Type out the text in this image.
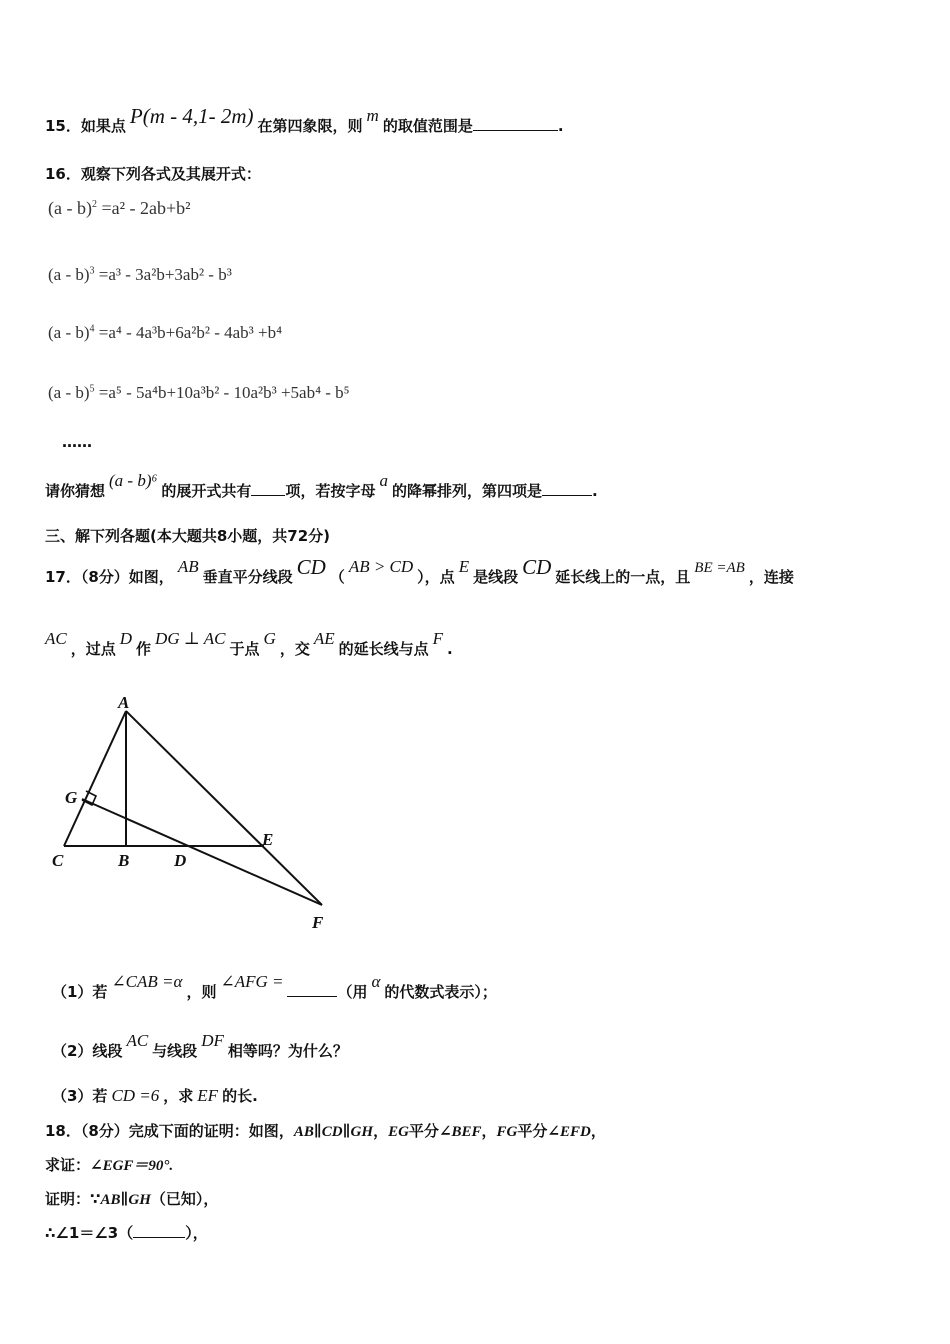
15．如果点 P(m - 4,1- 2m) 在第四象限，则m的取值范围是	.
16．观察下列各式及其展开式：
(a - b)$^2$ =a² - 2ab+b²
(a - b)$^3$ =a³ - 3a²b+3ab² - b³
(a - b)$^4$ =a⁴ - 4a³b+6a²b² - 4ab³ +b⁴
(a - b)$^5$ =a⁵ - 5a⁴b+10a³b² - 10a²b³ +5ab⁴ - b⁵
……
请你猜想(a - b)⁶的展开式共有 项，若按字母a的降幂排列，第四项是	.
三、解下列各题(本大题共8小题，共72分)
17．（8分）如图，AB垂直平分线段 CD （AB > CD），点E是线段 CD 延长线上的一点，且 BE =AB ，连接
AC，过点D作DG ⊥ AC于点G，交AE的延长线与点F.
A
G
C	B	D
E
F
（1）若∠CAB =α，则∠AFG =（用α的代数式表示）；
（2）线段AC与线段DF相等吗？为什么？
（3）若 CD =6 ，求 EF 的长.
18．（8分）完成下面的证明：如图，AB∥CD∥GH，EG平分∠BEF，FG平分∠EFD，
求证：∠EGF＝90°.
证明：∵AB∥GH（已知），
∴∠1＝∠3（	），
